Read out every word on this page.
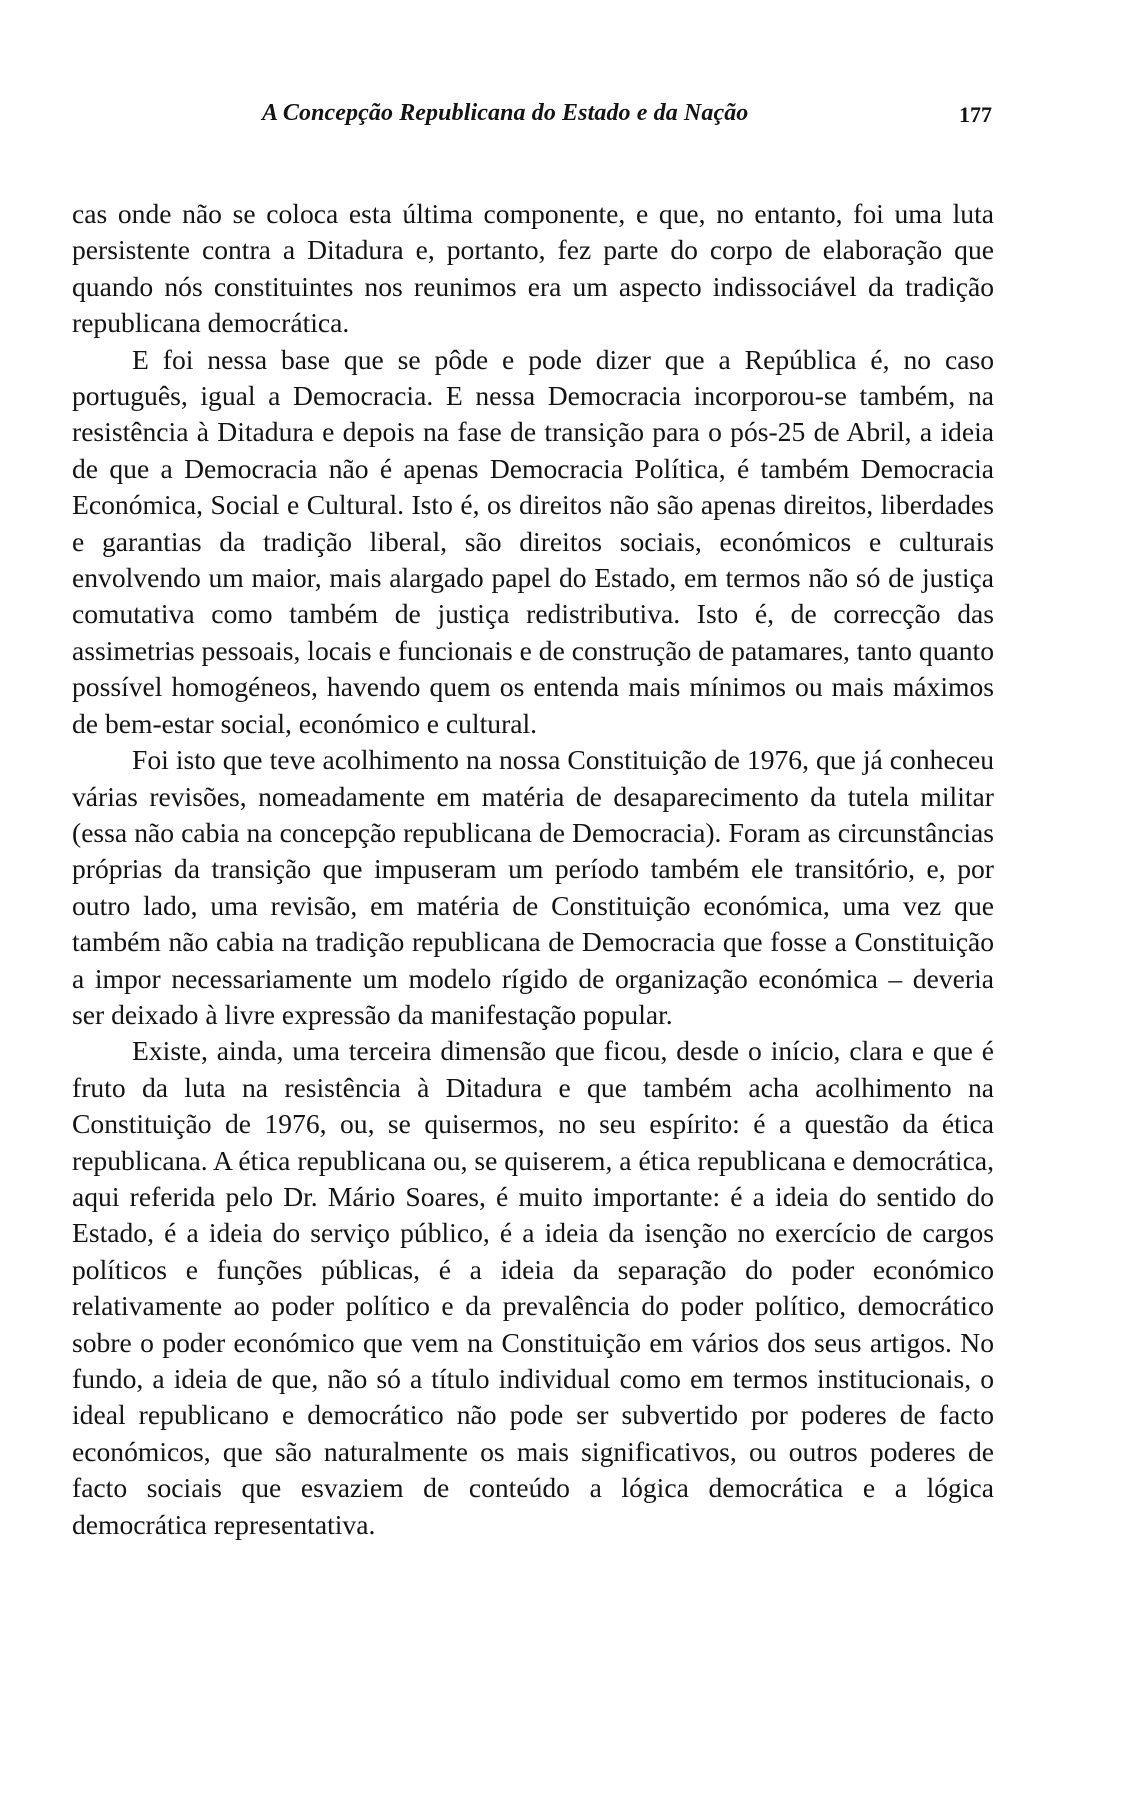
A Concepção Republicana do Estado e da Nação	177

cas onde não se coloca esta última componente, e que, no entanto, foi uma luta persistente contra a Ditadura e, portanto, fez parte do corpo de elaboração que quando nós constituintes nos reunimos era um aspecto indissociável da tradição republicana democrática.

E foi nessa base que se pôde e pode dizer que a República é, no caso português, igual a Democracia. E nessa Democracia incorporou-se também, na resistência à Ditadura e depois na fase de transição para o pós-25 de Abril, a ideia de que a Democracia não é apenas Democracia Política, é também Democracia Económica, Social e Cultural. Isto é, os direitos não são apenas direitos, liberdades e garantias da tradição liberal, são direitos sociais, económicos e culturais envolvendo um maior, mais alargado papel do Estado, em termos não só de justiça comutativa como também de justiça redistributiva. Isto é, de correcção das assimetrias pessoais, locais e funcionais e de construção de patamares, tanto quanto possível homogéneos, havendo quem os entenda mais mínimos ou mais máximos de bem-estar social, económico e cultural.

Foi isto que teve acolhimento na nossa Constituição de 1976, que já conheceu várias revisões, nomeadamente em matéria de desaparecimento da tutela militar (essa não cabia na concepção republicana de Democracia). Foram as circunstâncias próprias da transição que impuseram um período também ele transitório, e, por outro lado, uma revisão, em matéria de Constituição económica, uma vez que também não cabia na tradição republicana de Democracia que fosse a Constituição a impor necessariamente um modelo rígido de organização económica – deveria ser deixado à livre expressão da manifestação popular.

Existe, ainda, uma terceira dimensão que ficou, desde o início, clara e que é fruto da luta na resistência à Ditadura e que também acha acolhimento na Constituição de 1976, ou, se quisermos, no seu espírito: é a questão da ética republicana. A ética republicana ou, se quiserem, a ética republicana e democrática, aqui referida pelo Dr. Mário Soares, é muito importante: é a ideia do sentido do Estado, é a ideia do serviço público, é a ideia da isenção no exercício de cargos políticos e funções públicas, é a ideia da separação do poder económico relativamente ao poder político e da prevalência do poder político, democrático sobre o poder económico que vem na Constituição em vários dos seus artigos. No fundo, a ideia de que, não só a título individual como em termos institucionais, o ideal republicano e democrático não pode ser subvertido por poderes de facto económicos, que são naturalmente os mais significativos, ou outros poderes de facto sociais que esvaziem de conteúdo a lógica democrática e a lógica democrática representativa.
